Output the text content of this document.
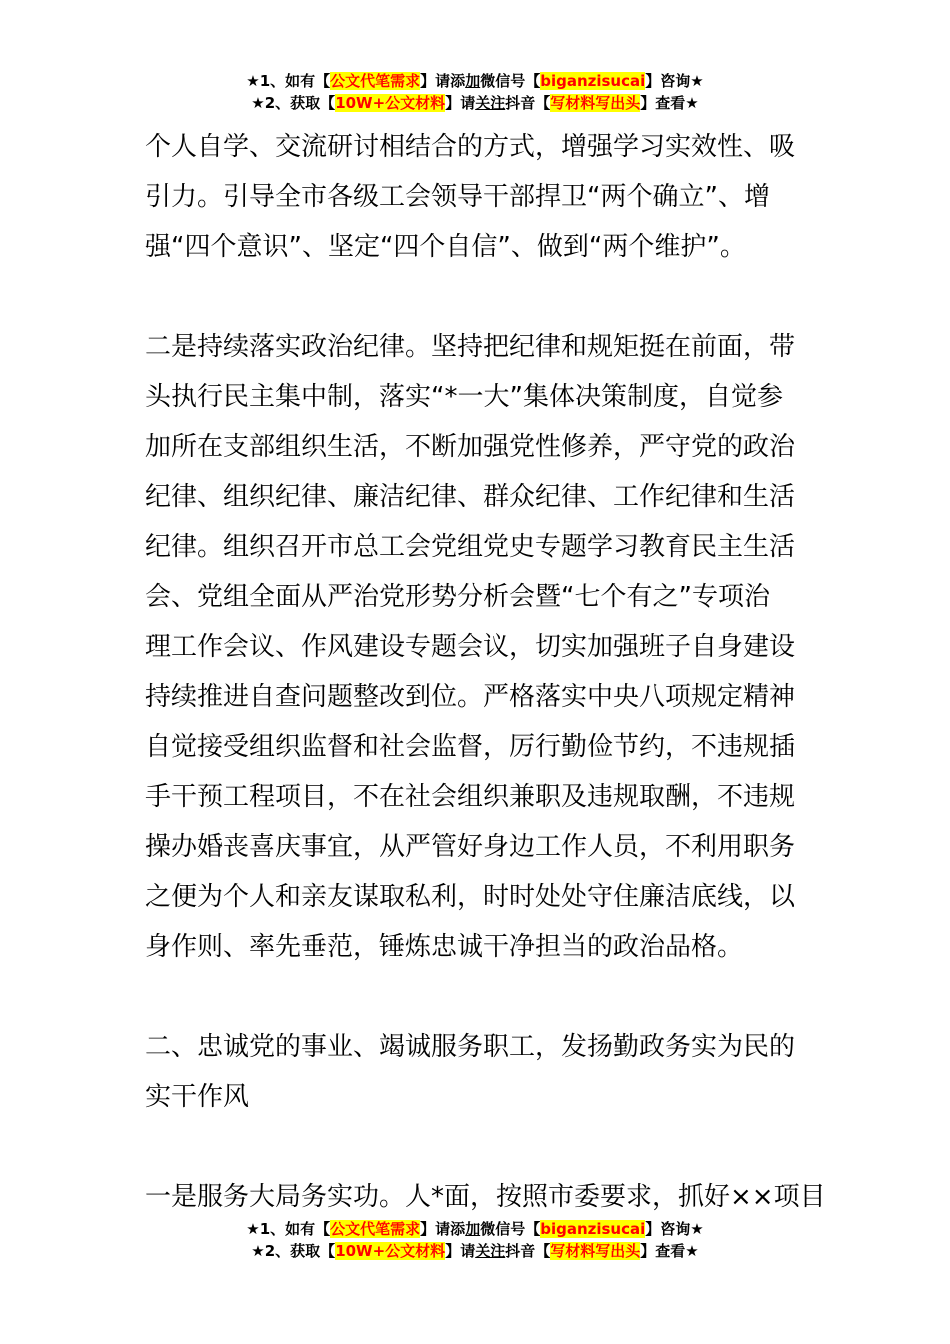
★1、如有【公文代笔需求】请添加微信号【biganzisucai】咨询★
★2、获取【10W+公文材料】请关注抖音【写材料写出头】查看★
个人自学、交流研讨相结合的方式，增强学习实效性、吸
引力。引导全市各级工会领导干部捍卫“两个确立”、增
强“四个意识”、坚定“四个自信”、做到“两个维护”。
二是持续落实政治纪律。坚持把纪律和规矩挺在前面，带
头执行民主集中制，落实“*一大”集体决策制度，自觉参
加所在支部组织生活，不断加强党性修养，严守党的政治
纪律、组织纪律、廉洁纪律、群众纪律、工作纪律和生活
纪律。组织召开市总工会党组党史专题学习教育民主生活
会、党组全面从严治党形势分析会暨“七个有之”专项治
理工作会议、作风建设专题会议，切实加强班子自身建设
持续推进自查问题整改到位。严格落实中央八项规定精神
自觉接受组织监督和社会监督，厉行勤俭节约，不违规插
手干预工程项目，不在社会组织兼职及违规取酬，不违规
操办婚丧喜庆事宜，从严管好身边工作人员，不利用职务
之便为个人和亲友谋取私利，时时处处守住廉洁底线，以
身作则、率先垂范，锤炼忠诚干净担当的政治品格。
二、忠诚党的事业、竭诚服务职工，发扬勤政务实为民的
实干作风
一是服务大局务实功。人*面，按照市委要求，抓好××项目
★1、如有【公文代笔需求】请添加微信号【biganzisucai】咨询★
★2、获取【10W+公文材料】请关注抖音【写材料写出头】查看★
